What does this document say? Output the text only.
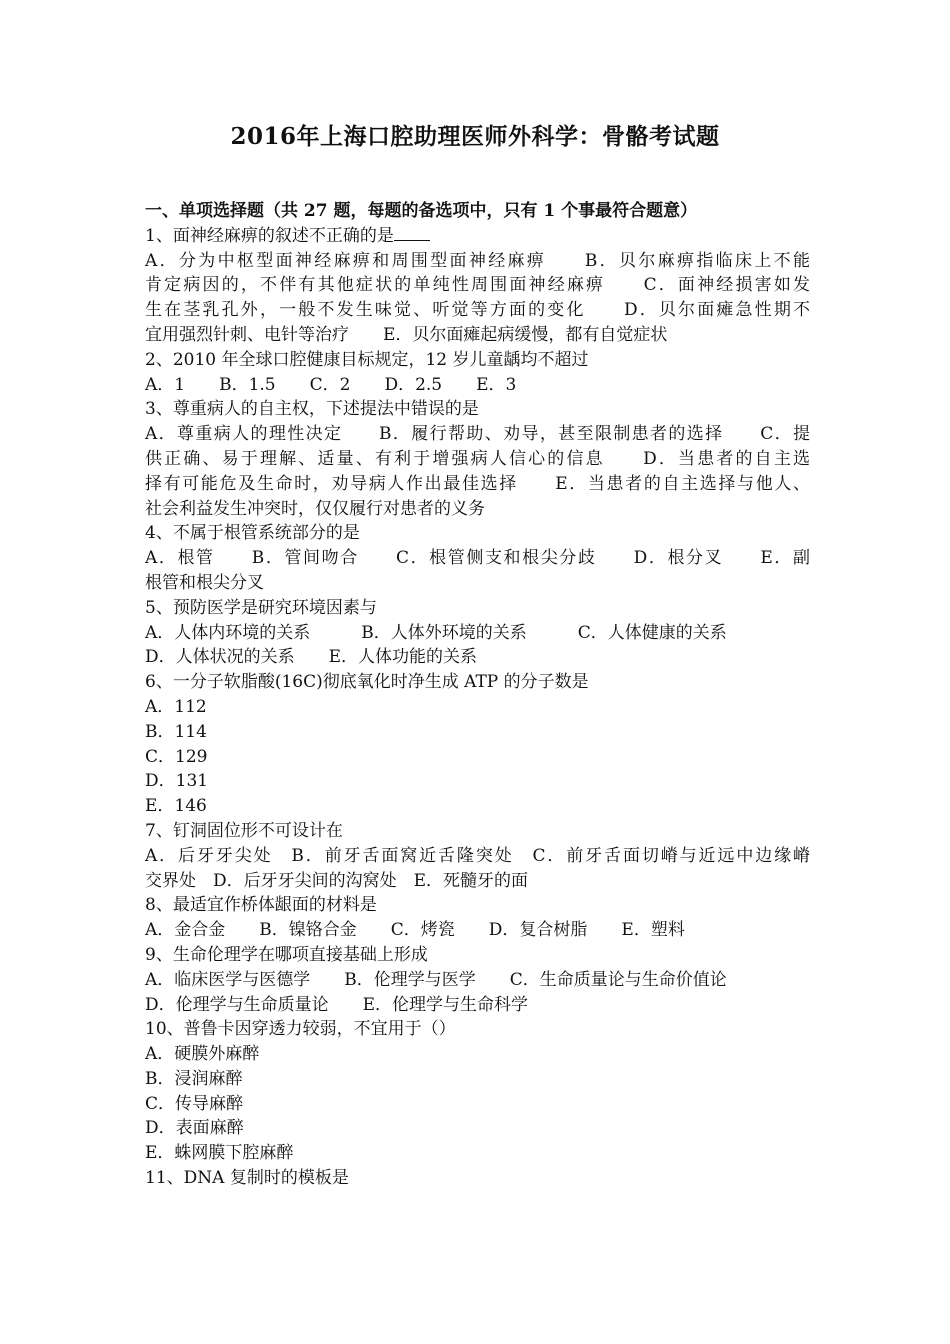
2016年上海口腔助理医师外科学：骨骼考试题

一、单项选择题（共 27 题，每题的备选项中，只有 1 个事最符合题意）

1、面神经麻痹的叙述不正确的是

A．分为中枢型面神经麻痹和周围型面神经麻痹　　B．贝尔麻痹指临床上不能

肯定病因的，不伴有其他症状的单纯性周围面神经麻痹　　C．面神经损害如发

生在茎乳孔外，一般不发生味觉、听觉等方面的变化　　D．贝尔面瘫急性期不

宜用强烈针刺、电针等治疗　　E．贝尔面瘫起病缓慢，都有自觉症状

2、2010 年全球口腔健康目标规定，12 岁儿童龋均不超过

A．1　　B．1.5　　C．2　　D．2.5　　E．3

3、尊重病人的自主权，下述提法中错误的是

A．尊重病人的理性决定　　B．履行帮助、劝导，甚至限制患者的选择　　C．提

供正确、易于理解、适量、有利于增强病人信心的信息　　D．当患者的自主选

择有可能危及生命时，劝导病人作出最佳选择　　E．当患者的自主选择与他人、

社会利益发生冲突时，仅仅履行对患者的义务

4、不属于根管系统部分的是

A．根管　　B．管间吻合　　C．根管侧支和根尖分歧　　D．根分叉　　E．副

根管和根尖分叉

5、预防医学是研究环境因素与

A．人体内环境的关系　　　B．人体外环境的关系　　　C．人体健康的关系

D．人体状况的关系　　E．人体功能的关系

6、一分子软脂酸(16C)彻底氧化时净生成 ATP 的分子数是

A．112

B．114

C．129

D．131

E．146

7、钉洞固位形不可设计在

A．后牙牙尖处　B．前牙舌面窝近舌隆突处　C．前牙舌面切嵴与近远中边缘嵴

交界处　D．后牙牙尖间的沟窝处　E．死髓牙的面

8、最适宜作桥体龈面的材料是

A．金合金　　B．镍铬合金　　C．烤瓷　　D．复合树脂　　E．塑料

9、生命伦理学在哪项直接基础上形成

A．临床医学与医德学　　B．伦理学与医学　　C．生命质量论与生命价值论

D．伦理学与生命质量论　　E．伦理学与生命科学

10、普鲁卡因穿透力较弱，不宜用于（）

A．硬膜外麻醉

B．浸润麻醉

C．传导麻醉

D．表面麻醉

E．蛛网膜下腔麻醉

11、DNA 复制时的模板是
